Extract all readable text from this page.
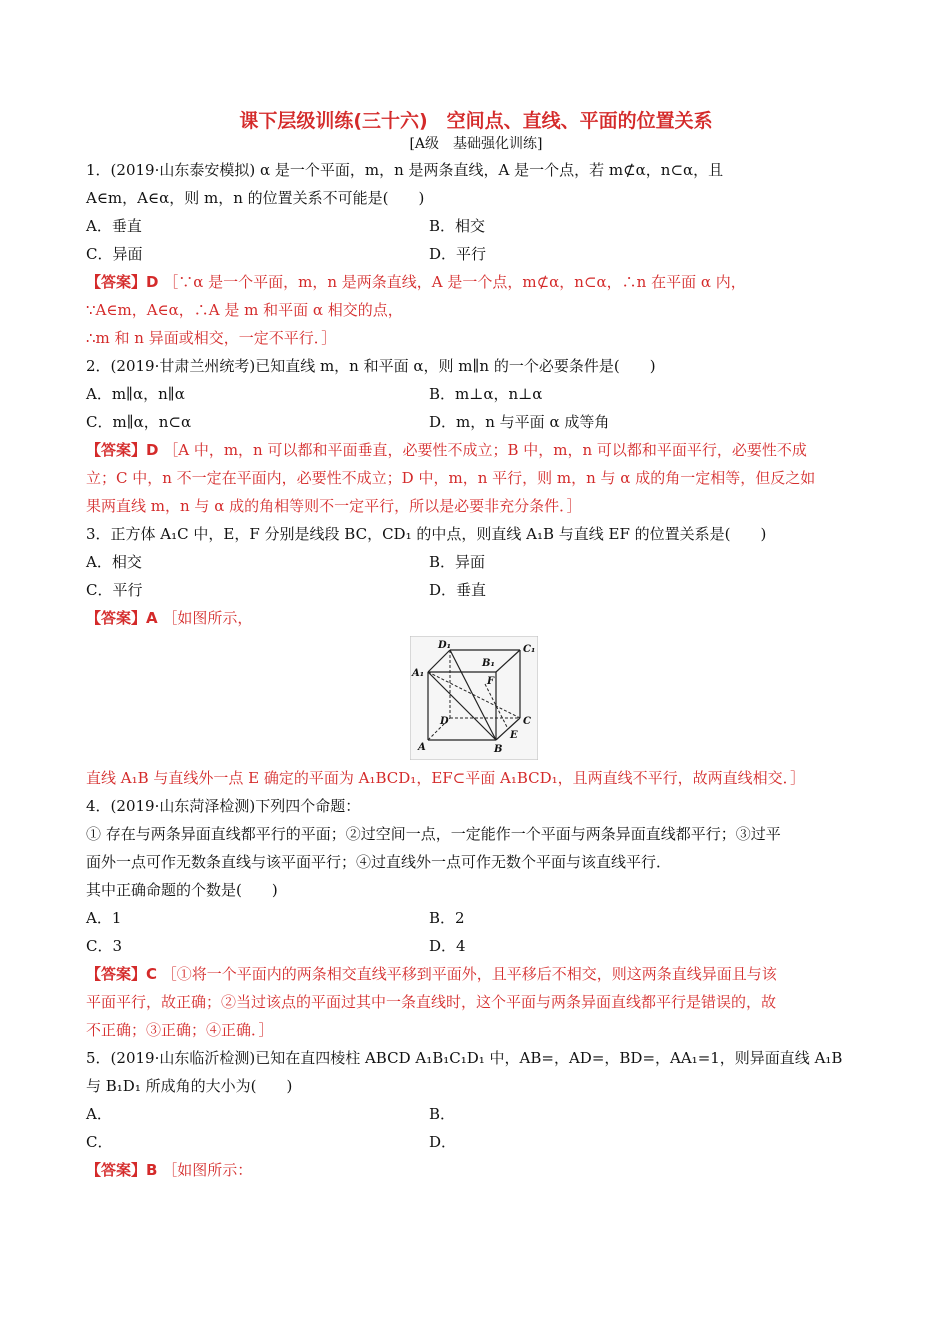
课下层级训练(三十六)　空间点、直线、平面的位置关系
[A级　基础强化训练]
1．(2019·山东泰安模拟) α 是一个平面，m，n 是两条直线，A 是一个点，若 m⊄α，n⊂α，且
A∈m，A∈α，则 m，n 的位置关系不可能是(　　)
A．垂直	B．相交
C．异面	D．平行
【答案】D ［∵α 是一个平面，m，n 是两条直线，A 是一个点，m⊄α，n⊂α，∴n 在平面 α 内，
∵A∈m，A∈α，∴A 是 m 和平面 α 相交的点，
∴m 和 n 异面或相交，一定不平行．］
2．(2019·甘肃兰州统考)已知直线 m，n 和平面 α，则 m∥n 的一个必要条件是(　　)
A．m∥α，n∥α	B．m⊥α，n⊥α
C．m∥α，n⊂α	D．m，n 与平面 α 成等角
【答案】D ［A 中，m，n 可以都和平面垂直，必要性不成立；B 中，m，n 可以都和平面平行，必要性不成
立；C 中，n 不一定在平面内，必要性不成立；D 中，m，n 平行，则 m，n 与 α 成的角一定相等，但反之如
果两直线 m，n 与 α 成的角相等则不一定平行，所以是必要非充分条件．］
3．正方体 A₁C 中，E，F 分别是线段 BC，CD₁ 的中点，则直线 A₁B 与直线 EF 的位置关系是(　　)
A．相交	B．异面
C．平行	D．垂直
【答案】A ［如图所示，
D₁
B₁
C₁
A₁
F
D	C
A
E
B
直线 A₁B 与直线外一点 E 确定的平面为 A₁BCD₁，EF⊂平面 A₁BCD₁，且两直线不平行，故两直线相交．］
4．(2019·山东菏泽检测)下列四个命题：
① 存在与两条异面直线都平行的平面；②过空间一点，一定能作一个平面与两条异面直线都平行；③过平
面外一点可作无数条直线与该平面平行；④过直线外一点可作无数个平面与该直线平行．
其中正确命题的个数是(　　)
A．1	B．2
C．3	D．4
【答案】C ［①将一个平面内的两条相交直线平移到平面外，且平移后不相交，则这两条直线异面且与该
平面平行，故正确；②当过该点的平面过其中一条直线时，这个平面与两条异面直线都平行是错误的，故
不正确；③正确；④正确．］
5．(2019·山东临沂检测)已知在直四棱柱 ABCD A₁B₁C₁D₁ 中，AB=，AD=，BD=，AA₁=1，则异面直线 A₁B
与 B₁D₁ 所成角的大小为(　　)
A．	B．
C．	D．
【答案】B ［如图所示：
